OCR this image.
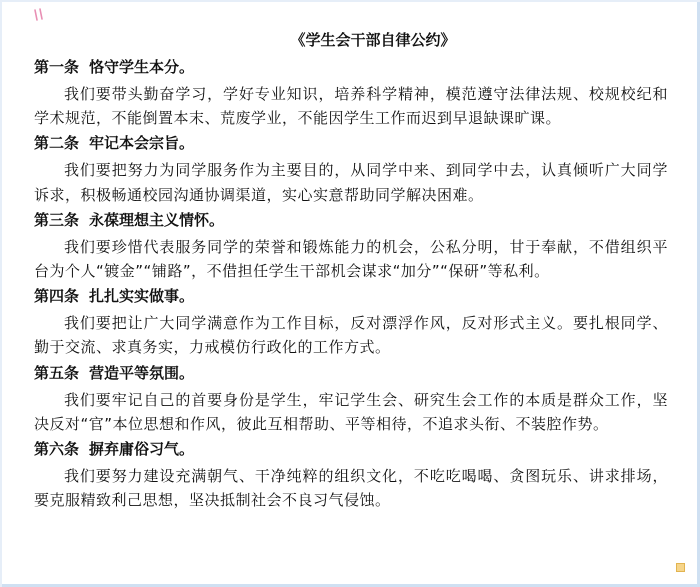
《学生会干部自律公约》
第一条 恪守学生本分。
我们要带头勤奋学习，学好专业知识，培养科学精神，模范遵守法律法规、校规校纪和学术规范，不能倒置本末、荒废学业，不能因学生工作而迟到早退缺课旷课。
第二条 牢记本会宗旨。
我们要把努力为同学服务作为主要目的，从同学中来、到同学中去，认真倾听广大同学诉求，积极畅通校园沟通协调渠道，实心实意帮助同学解决困难。
第三条 永葆理想主义情怀。
我们要珍惜代表服务同学的荣誉和锻炼能力的机会，公私分明，甘于奉献，不借组织平台为个人“镀金”“铺路”，不借担任学生干部机会谋求“加分”“保研”等私利。
第四条 扎扎实实做事。
我们要把让广大同学满意作为工作目标，反对漂浮作风，反对形式主义。要扎根同学、勤于交流、求真务实，力戒模仿行政化的工作方式。
第五条 营造平等氛围。
我们要牢记自己的首要身份是学生，牢记学生会、研究生会工作的本质是群众工作，坚决反对“官”本位思想和作风，彼此互相帮助、平等相待，不追求头衔、不装腔作势。
第六条 摒弃庸俗习气。
我们要努力建设充满朝气、干净纯粹的组织文化，不吃吃喝喝、贪图玩乐、讲求排场，要克服精致利己思想，坚决抵制社会不良习气侵蚀。
